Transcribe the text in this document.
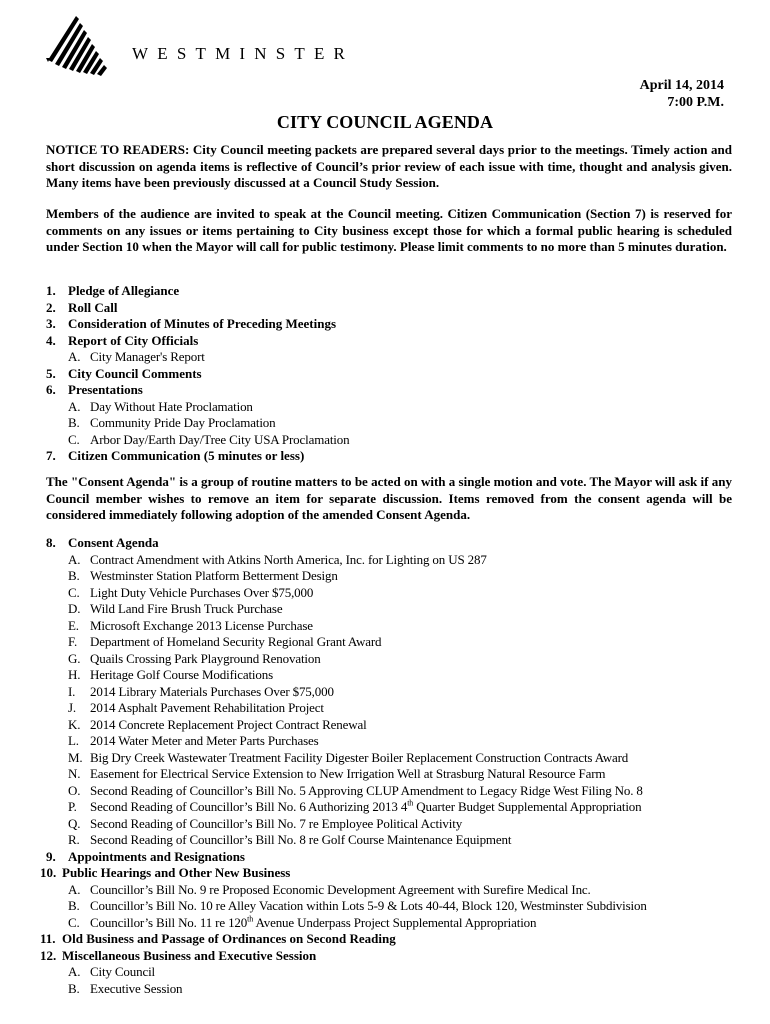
WESTMINSTER
April 14, 2014
7:00 P.M.
CITY COUNCIL AGENDA
NOTICE TO READERS: City Council meeting packets are prepared several days prior to the meetings. Timely action and short discussion on agenda items is reflective of Council’s prior review of each issue with time, thought and analysis given. Many items have been previously discussed at a Council Study Session.
Members of the audience are invited to speak at the Council meeting. Citizen Communication (Section 7) is reserved for comments on any issues or items pertaining to City business except those for which a formal public hearing is scheduled under Section 10 when the Mayor will call for public testimony. Please limit comments to no more than 5 minutes duration.
1. Pledge of Allegiance
2. Roll Call
3. Consideration of Minutes of Preceding Meetings
4. Report of City Officials
A. City Manager's Report
5. City Council Comments
6. Presentations
A. Day Without Hate Proclamation
B. Community Pride Day Proclamation
C. Arbor Day/Earth Day/Tree City USA Proclamation
7. Citizen Communication (5 minutes or less)
The "Consent Agenda" is a group of routine matters to be acted on with a single motion and vote. The Mayor will ask if any Council member wishes to remove an item for separate discussion. Items removed from the consent agenda will be considered immediately following adoption of the amended Consent Agenda.
8. Consent Agenda
A. Contract Amendment with Atkins North America, Inc. for Lighting on US 287
B. Westminster Station Platform Betterment Design
C. Light Duty Vehicle Purchases Over $75,000
D. Wild Land Fire Brush Truck Purchase
E. Microsoft Exchange 2013 License Purchase
F. Department of Homeland Security Regional Grant Award
G. Quails Crossing Park Playground Renovation
H. Heritage Golf Course Modifications
I. 2014 Library Materials Purchases Over $75,000
J. 2014 Asphalt Pavement Rehabilitation Project
K. 2014 Concrete Replacement Project Contract Renewal
L. 2014 Water Meter and Meter Parts Purchases
M. Big Dry Creek Wastewater Treatment Facility Digester Boiler Replacement Construction Contracts Award
N. Easement for Electrical Service Extension to New Irrigation Well at Strasburg Natural Resource Farm
O. Second Reading of Councillor’s Bill No. 5 Approving CLUP Amendment to Legacy Ridge West Filing No. 8
P. Second Reading of Councillor’s Bill No. 6 Authorizing 2013 4th Quarter Budget Supplemental Appropriation
Q. Second Reading of Councillor’s Bill No. 7 re Employee Political Activity
R. Second Reading of Councillor’s Bill No. 8 re Golf Course Maintenance Equipment
9. Appointments and Resignations
10. Public Hearings and Other New Business
A. Councillor’s Bill No. 9 re Proposed Economic Development Agreement with Surefire Medical Inc.
B. Councillor’s Bill No. 10 re Alley Vacation within Lots 5-9 & Lots 40-44, Block 120, Westminster Subdivision
C. Councillor’s Bill No. 11 re 120th Avenue Underpass Project Supplemental Appropriation
11. Old Business and Passage of Ordinances on Second Reading
12. Miscellaneous Business and Executive Session
A. City Council
B. Executive Session
